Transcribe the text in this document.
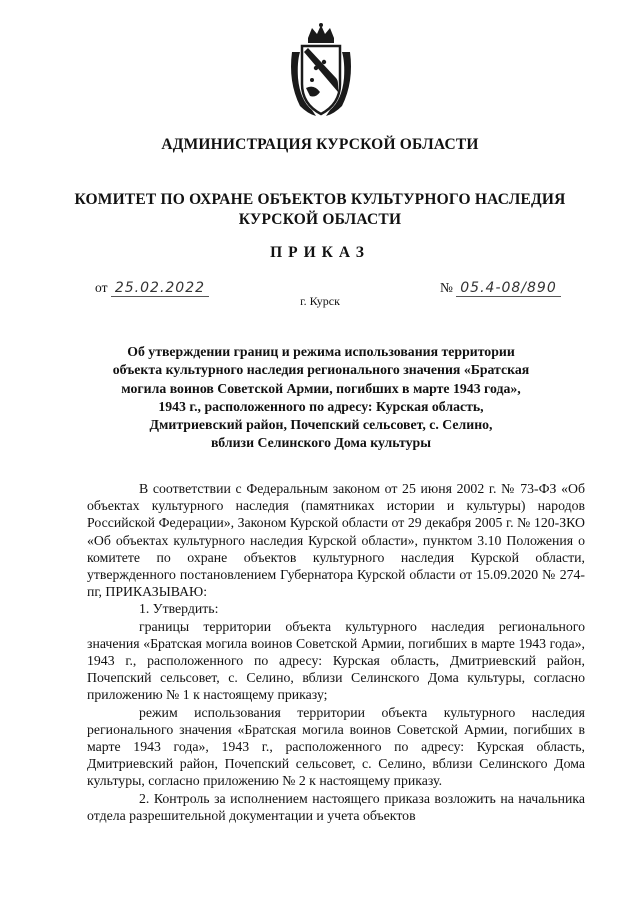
АДМИНИСТРАЦИЯ КУРСКОЙ ОБЛАСТИ
КОМИТЕТ ПО ОХРАНЕ ОБЪЕКТОВ КУЛЬТУРНОГО НАСЛЕДИЯ
КУРСКОЙ ОБЛАСТИ
ПРИКАЗ
от 25.02.2022	№ 05.4-08/890
г. Курск
Об утверждении границ и режима использования территории
объекта культурного наследия регионального значения «Братская
могила воинов Советской Армии, погибших в марте 1943 года»,
1943 г., расположенного по адресу: Курская область,
Дмитриевский район, Почепский сельсовет, с. Селино,
вблизи Селинского Дома культуры

В соответствии с Федеральным законом от 25 июня 2002 г. № 73-ФЗ «Об объектах культурного наследия (памятниках истории и культуры) народов Российской Федерации», Законом Курской области от 29 декабря 2005 г. № 120-ЗКО «Об объектах культурного наследия Курской области», пунктом 3.10 Положения о комитете по охране объектов культурного наследия Курской области, утвержденного постановлением Губернатора Курской области от 15.09.2020 № 274-пг, ПРИКАЗЫВАЮ:

1. Утвердить:

границы территории объекта культурного наследия регионального значения «Братская могила воинов Советской Армии, погибших в марте 1943 года», 1943 г., расположенного по адресу: Курская область, Дмитриевский район, Почепский сельсовет, с. Селино, вблизи Селинского Дома культуры, согласно приложению № 1 к настоящему приказу;

режим использования территории объекта культурного наследия регионального значения «Братская могила воинов Советской Армии, погибших в марте 1943 года», 1943 г., расположенного по адресу: Курская область, Дмитриевский район, Почепский сельсовет, с. Селино, вблизи Селинского Дома культуры, согласно приложению № 2 к настоящему приказу.

2. Контроль за исполнением настоящего приказа возложить на начальника отдела разрешительной документации и учета объектов
